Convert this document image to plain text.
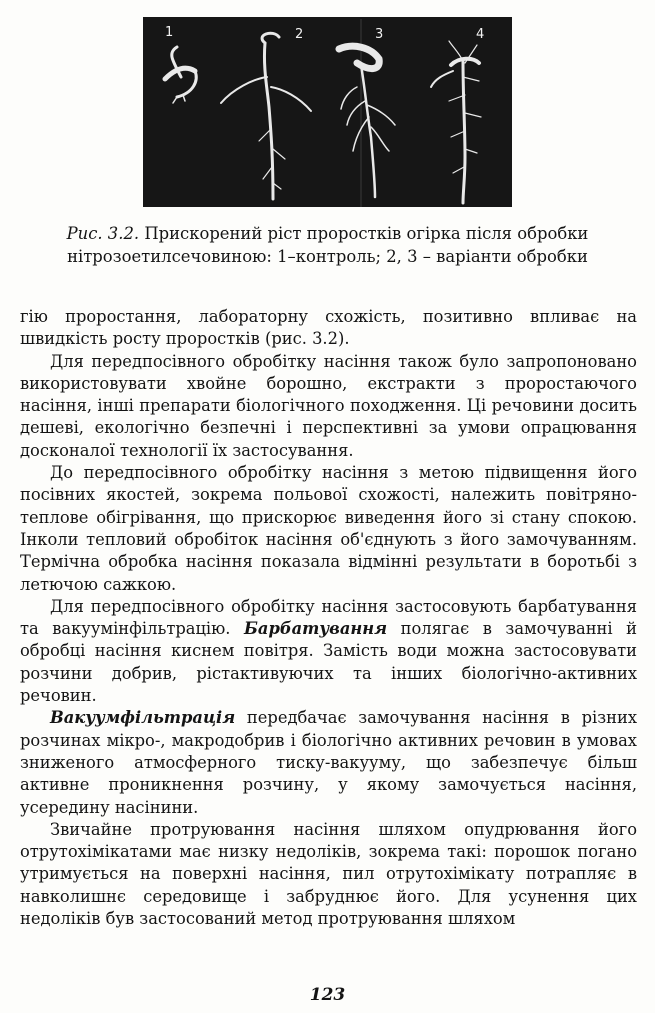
1	2	3	4
Рис. 3.2. Прискорений ріст проростків огірка після обробки
нітрозоетилсечовиною: 1–контроль; 2, 3 – варіанти обробки

гію проростання, лабораторну схожість, позитивно впливає на швидкість росту проростків (рис. 3.2).

Для передпосівного обробітку насіння також було запропоновано використовувати хвойне борошно, екстракти з проростаючого насіння, інші препарати біологічного походження. Ці речовини досить дешеві, екологічно безпечні і перспективні за умови опрацювання досконалої технології їх застосування.

До передпосівного обробітку насіння з метою підвищення його посівних якостей, зокрема польової схожості, належить повітряно-теплове обігрівання, що прискорює виведення його зі стану спокою. Інколи тепловий обробіток насіння об'єднують з його замочуванням. Термічна обробка насіння показала відмінні результати в боротьбі з летючою сажкою.

Для передпосівного обробітку насіння застосовують барбатування та вакуумінфільтрацію. Барбатування полягає в замочуванні й обробці насіння киснем повітря. Замість води можна застосовувати розчини добрив, рістактивуючих та інших біологічно-активних речовин.

Вакуумфільтрація передбачає замочування насіння в різних розчинах мікро-, макродобрив і біологічно активних речовин в умовах зниженого атмосферного тиску-вакууму, що забезпечує більш активне проникнення розчину, у якому замочується насіння, усередину насінини.

Звичайне протруювання насіння шляхом опудрювання його отрутохімікатами має низку недоліків, зокрема такі: порошок погано утримується на поверхні насіння, пил отрутохімікату потрапляє в навколишнє середовище і забруднює його. Для усунення цих недоліків був застосований метод протруювання шляхом

123
